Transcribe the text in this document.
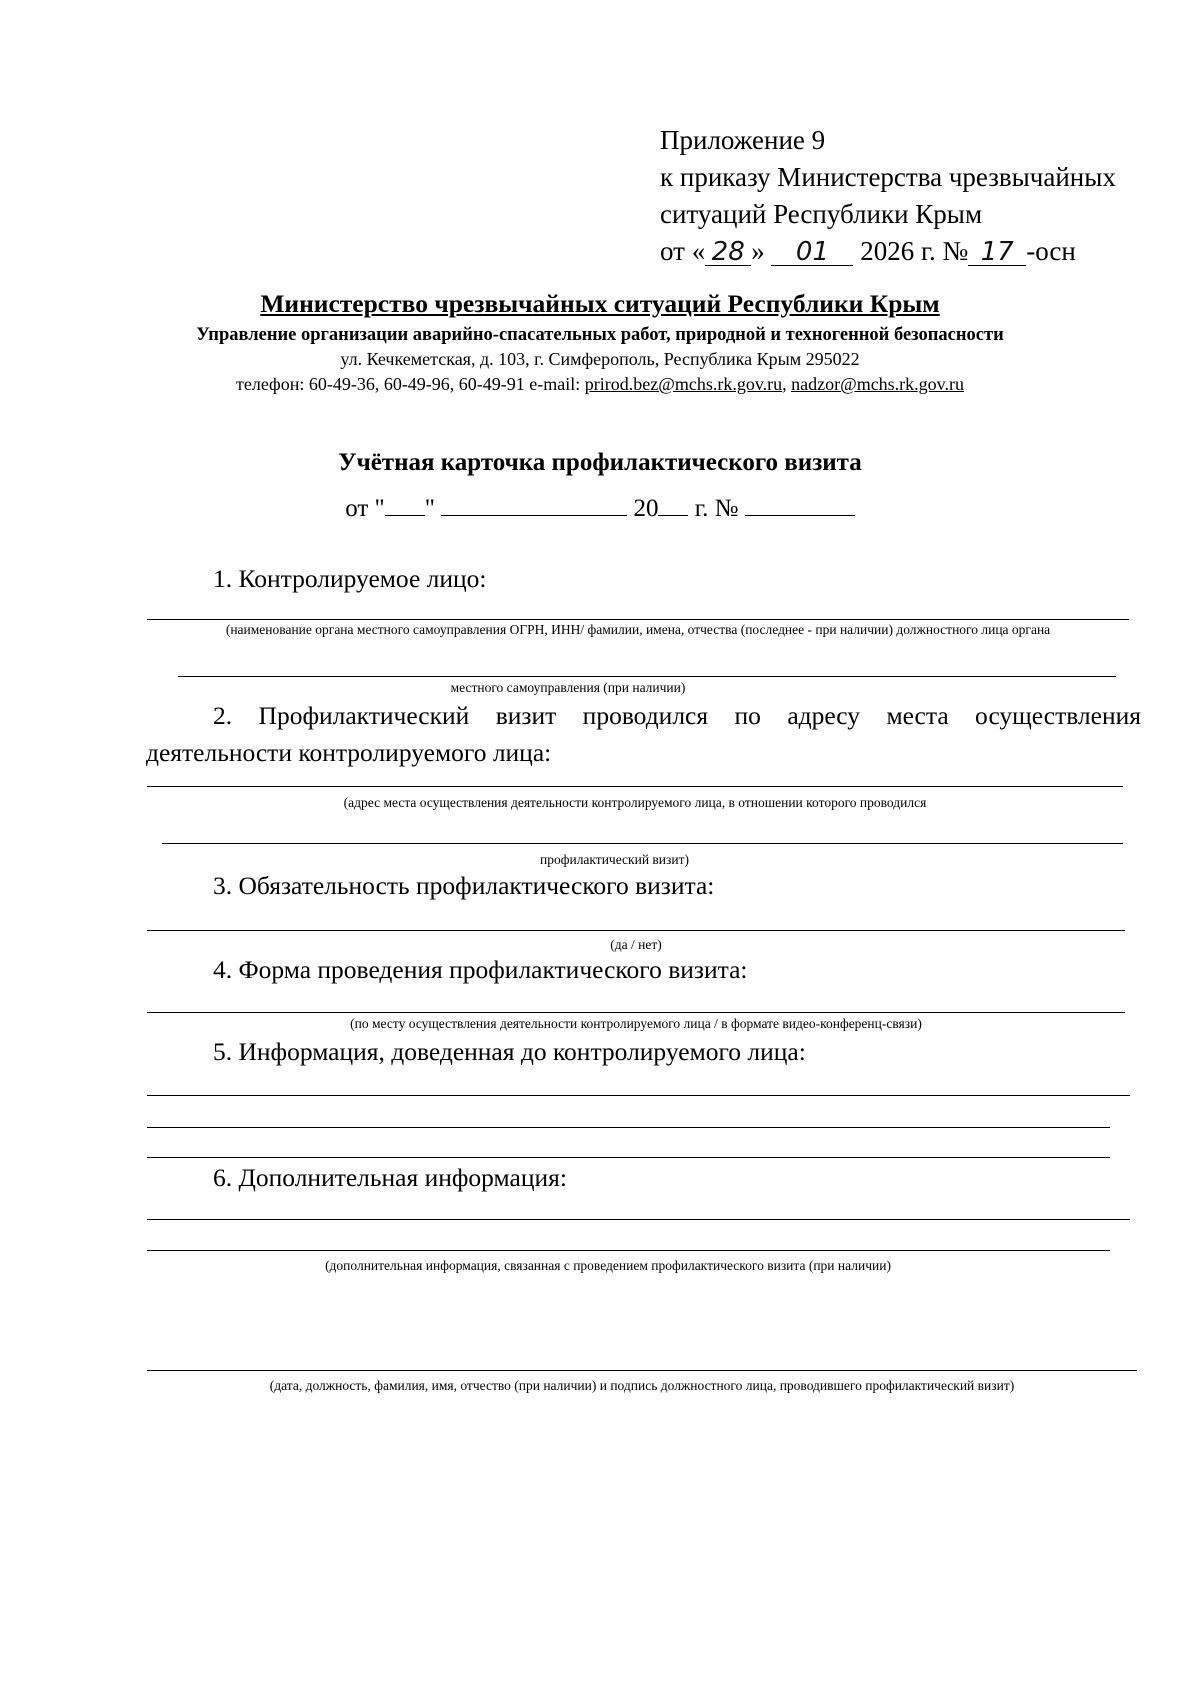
Приложение 9
к приказу Министерства чрезвычайных
ситуаций Республики Крым
от « 28 » 01 2026 г. № 17 -осн
Министерство чрезвычайных ситуаций Республики Крым
Управление организации аварийно-спасательных работ, природной и техногенной безопасности
ул. Кечкеметская, д. 103, г. Симферополь, Республика Крым 295022
телефон: 60-49-36, 60-49-96, 60-49-91 e-mail: prirod.bez@mchs.rk.gov.ru, nadzor@mchs.rk.gov.ru
Учётная карточка профилактического визита
от " "	20 г. №
1. Контролируемое лицо:
(наименование органа местного самоуправления ОГРН, ИНН/ фамилии, имена, отчества (последнее - при наличии) должностного лица органа
местного самоуправления (при наличии)
2. Профилактический визит проводился по адресу места осуществления
деятельности контролируемого лица:
(адрес места осуществления деятельности контролируемого лица, в отношении которого проводился
профилактический визит)
3. Обязательность профилактического визита:
(да / нет)
4. Форма проведения профилактического визита:
(по месту осуществления деятельности контролируемого лица / в формате видео-конференц-связи)
5. Информация, доведенная до контролируемого лица:
6. Дополнительная информация:
(дополнительная информация, связанная с проведением профилактического визита (при наличии)
(дата, должность, фамилия, имя, отчество (при наличии) и подпись должностного лица, проводившего профилактический визит)
